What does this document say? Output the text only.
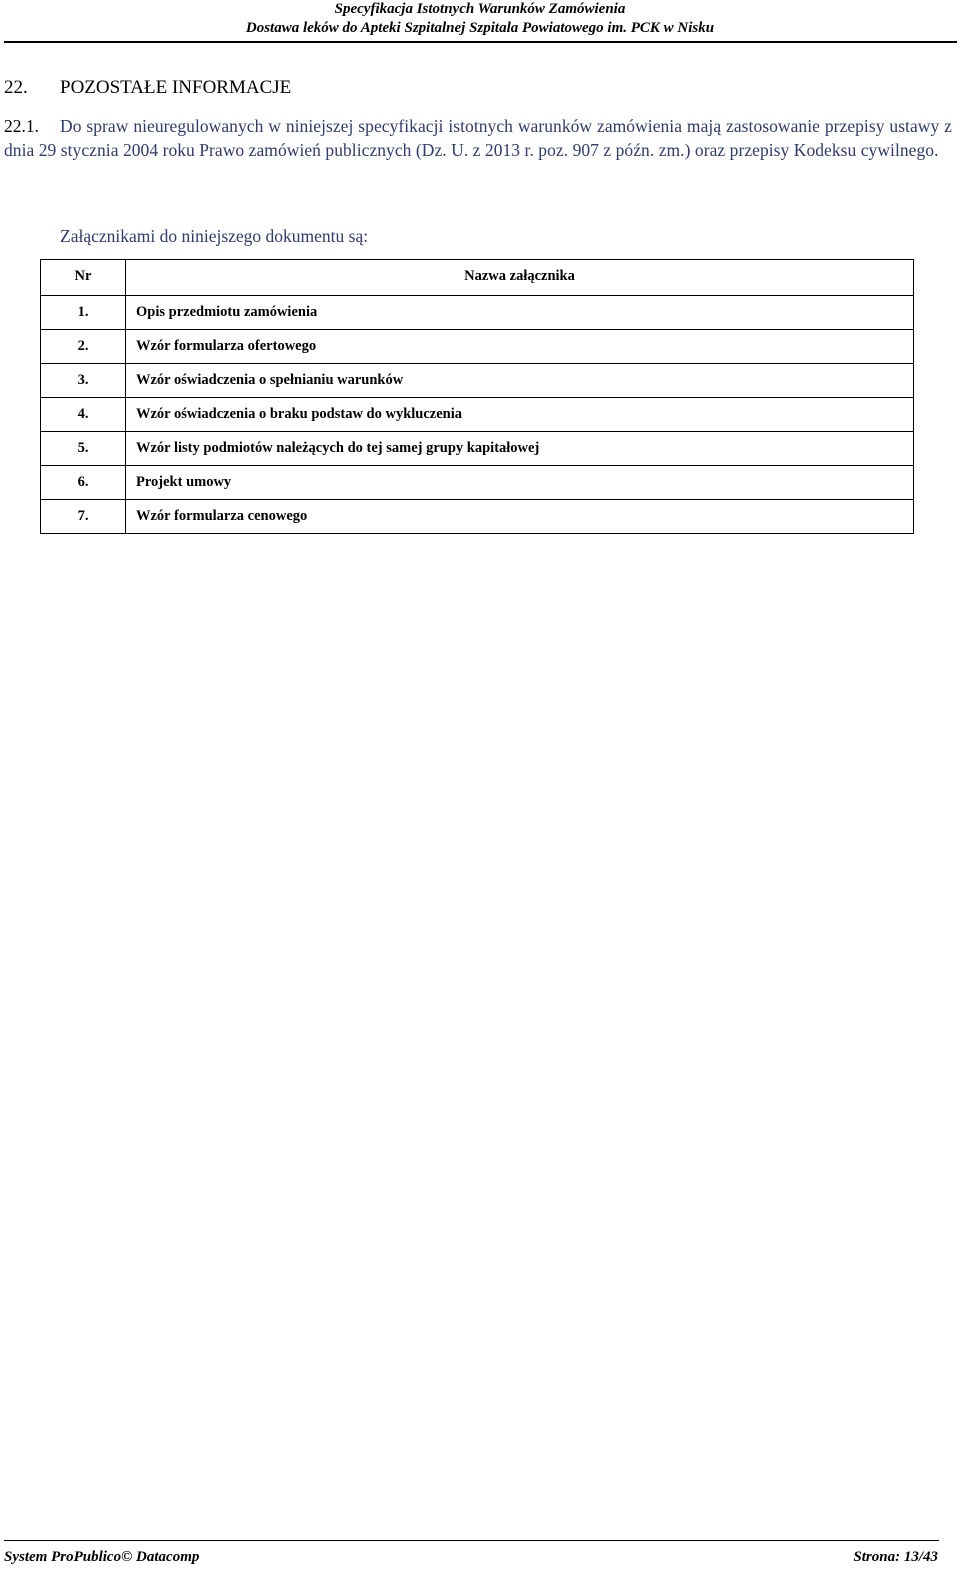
Specyfikacja Istotnych Warunków Zamówienia
Dostawa leków do Apteki Szpitalnej Szpitala Powiatowego im. PCK w Nisku
22. POZOSTAŁE INFORMACJE
22.1.	Do spraw nieuregulowanych w niniejszej specyfikacji istotnych warunków zamówienia mają zastosowanie przepisy ustawy z dnia 29 stycznia 2004 roku Prawo zamówień publicznych (Dz. U. z 2013 r. poz. 907 z późn. zm.) oraz przepisy Kodeksu cywilnego.

Załącznikami do niniejszego dokumentu są:
Nr	Nazwa załącznika
1.	Opis przedmiotu zamówienia
2.	Wzór formularza ofertowego
3.	Wzór oświadczenia o spełnianiu warunków
4.	Wzór oświadczenia o braku podstaw do wykluczenia
5.	Wzór listy podmiotów należących do tej samej grupy kapitałowej
6.	Projekt umowy
7.	Wzór formularza cenowego
System ProPublico© Datacomp	Strona: 13/43
